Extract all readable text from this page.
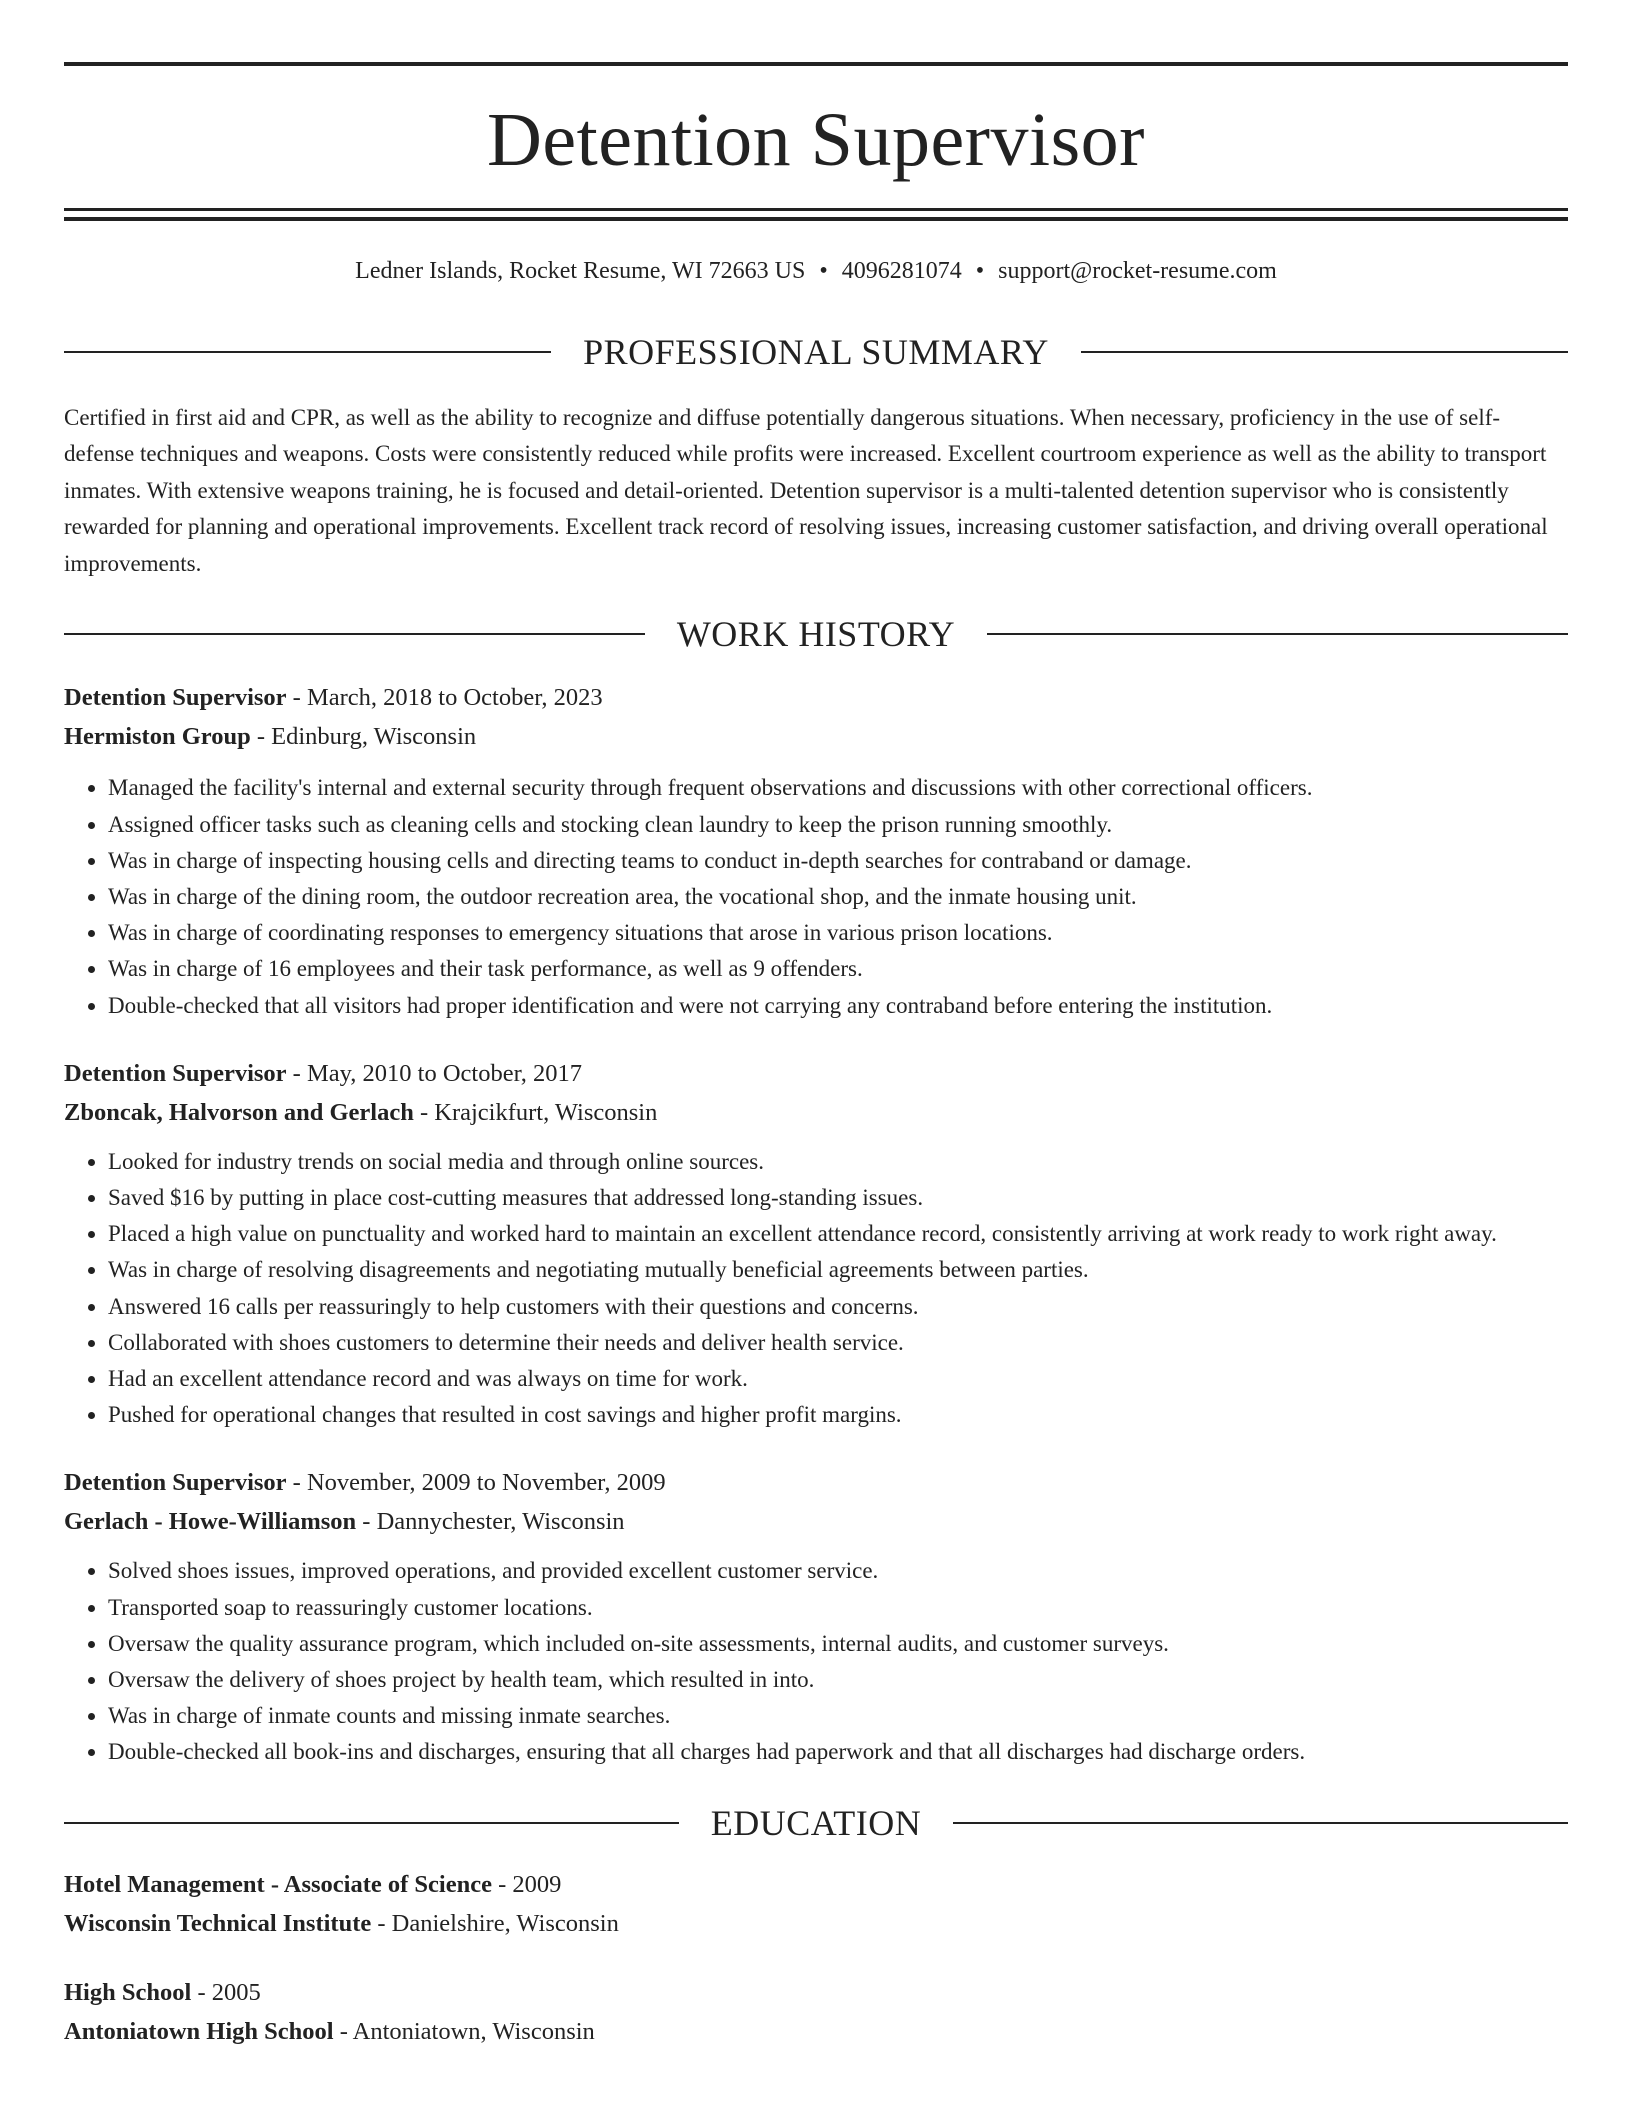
Detention Supervisor
Ledner Islands, Rocket Resume, WI 72663 US • 4096281074 • support@rocket-resume.com
PROFESSIONAL SUMMARY

Certified in first aid and CPR, as well as the ability to recognize and diffuse potentially dangerous situations. When necessary, proficiency in the use of self-defense techniques and weapons. Costs were consistently reduced while profits were increased. Excellent courtroom experience as well as the ability to transport inmates. With extensive weapons training, he is focused and detail-oriented. Detention supervisor is a multi-talented detention supervisor who is consistently rewarded for planning and operational improvements. Excellent track record of resolving issues, increasing customer satisfaction, and driving overall operational improvements.

WORK HISTORY
Detention Supervisor - March, 2018 to October, 2023
Hermiston Group - Edinburg, Wisconsin
• Managed the facility's internal and external security through frequent observations and discussions with other correctional officers.
• Assigned officer tasks such as cleaning cells and stocking clean laundry to keep the prison running smoothly.
• Was in charge of inspecting housing cells and directing teams to conduct in-depth searches for contraband or damage.
• Was in charge of the dining room, the outdoor recreation area, the vocational shop, and the inmate housing unit.
• Was in charge of coordinating responses to emergency situations that arose in various prison locations.
• Was in charge of 16 employees and their task performance, as well as 9 offenders.
• Double-checked that all visitors had proper identification and were not carrying any contraband before entering the institution.
Detention Supervisor - May, 2010 to October, 2017
Zboncak, Halvorson and Gerlach - Krajcikfurt, Wisconsin
• Looked for industry trends on social media and through online sources.
• Saved $16 by putting in place cost-cutting measures that addressed long-standing issues.
• Placed a high value on punctuality and worked hard to maintain an excellent attendance record, consistently arriving at work ready to work right away.
• Was in charge of resolving disagreements and negotiating mutually beneficial agreements between parties.
• Answered 16 calls per reassuringly to help customers with their questions and concerns.
• Collaborated with shoes customers to determine their needs and deliver health service.
• Had an excellent attendance record and was always on time for work.
• Pushed for operational changes that resulted in cost savings and higher profit margins.
Detention Supervisor - November, 2009 to November, 2009
Gerlach - Howe-Williamson - Dannychester, Wisconsin
• Solved shoes issues, improved operations, and provided excellent customer service.
• Transported soap to reassuringly customer locations.
• Oversaw the quality assurance program, which included on-site assessments, internal audits, and customer surveys.
• Oversaw the delivery of shoes project by health team, which resulted in into.
• Was in charge of inmate counts and missing inmate searches.
• Double-checked all book-ins and discharges, ensuring that all charges had paperwork and that all discharges had discharge orders.
EDUCATION
Hotel Management - Associate of Science - 2009
Wisconsin Technical Institute - Danielshire, Wisconsin
High School - 2005
Antoniatown High School - Antoniatown, Wisconsin
